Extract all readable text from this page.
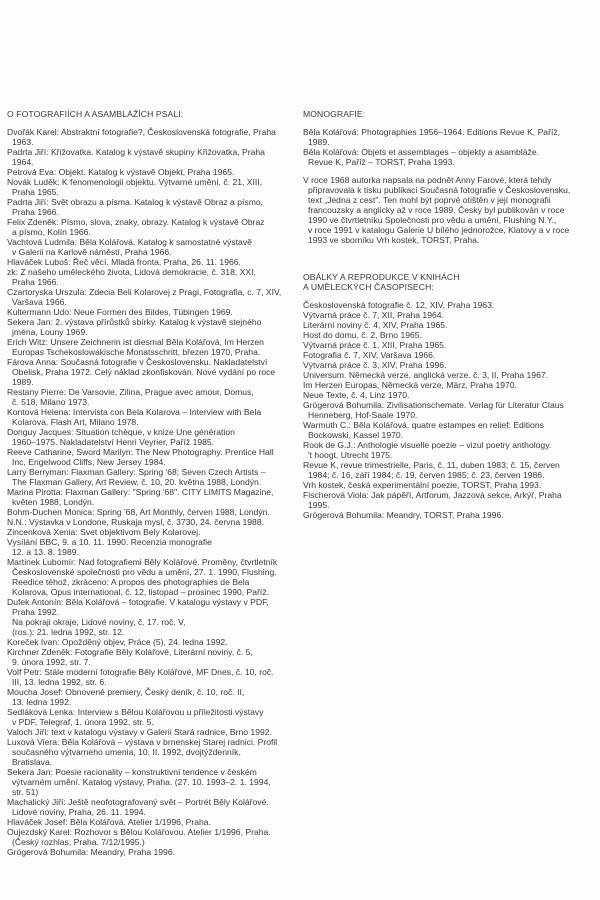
O FOTOGRAFIÍCH A ASAMBLÁŽÍCH PSALI:
Dvořák Karel: Abstraktní fotografie?, Československá fotografie, Praha
1963.
Padrta Jiří: Křižovatka. Katalog k výstavě skupiny Křižovatka, Praha
1964.
Petrová Eva: Objekt. Katalog k výstavě Objekt, Praha 1965.
Novák Luděk: K fenomenologii objektu. Výtvarné umění, č. 21, XIII,
Praha 1965.
Padrta Jiří: Svět obrazu a písma. Katalog k výstavě Obraz a písmo,
Praha 1966.
Felix Zdeněk: Písmo, slova, znaky, obrazy. Katalog k výstavě Obraz
a písmo, Kolín 1966.
Vachtová Ludmila: Běla Kolářová. Katalog k samostatné výstavě
v Galerii na Karlově náměstí, Praha 1966.
Hlaváček Luboš: Řeč věcí. Mladá fronta, Praha, 26. 11. 1966.
zk: Z našeho uměleckého života, Lidová demokracie, č. 318, XXI,
Praha 1966.
Czartoryska Urszula: Zdecia Beli Kolarovej z Pragi, Fotografia, c. 7, XIV,
Varšava 1966.
Kultermann Udo: Neue Formen des Bildes, Tübingen 1969.
Sekera Jan: 2. výstava přírůstků sbírky. Katalog k výstavě stejného
jména, Louny 1969.
Erich Witz: Unsere Zeichnerin ist diesmal Běla Kolářová, Im Herzen
Europas Tschekoslowakische Monatsschritt, březen 1970, Praha.
Fárova Anna: Současná fotografie v Československu. Nakladatelství
Obelisk, Praha 1972. Celý náklad zkonfiskován. Nové vydání po roce
1989.
Restany Pierre: De Varsovie, Zilina, Prague avec amour, Domus,
č. 518, Milano 1973.
Kontová Helena: Intervista con Bela Kolarova – Interview with Bela
Kolarova. Flash Art, Milano 1978.
Donguy Jacques: Situation tchèque, v knize Une génération
1960–1975. Nakladatelství Henri Veyrier, Paříž 1985.
Reeve Catharine, Sword Marilyn: The New Photography. Prentice Hall
Inc, Engelwood Cliffs, New Jersey 1984.
Larry Berryman: Flaxman Gallery: Spring '68; Seven Czech Artists –
The Flaxman Gallery, Art Review, č. 10, 20. května 1988, Londýn.
Marina Pirotta: Flaxman Gallery: "Spring '68". CITY LIMITS Magazine,
květen 1988, Londýn.
Bohm-Duchen Monica: Spring '68, Art Monthly, červen 1988, Londýn.
N.N.: Výstavka v Londone, Ruskaja mysl, č. 3730, 24. června 1988.
Zincenková Xenia: Svet objektivom Bely Kolarovej.
Vysílání BBC, 9. a 10. 11. 1990. Recenzia monografie
12. a 13. 8. 1989.
Martinek Lubomír: Nad fotografiemi Běly Kolářové. Proměny, čtvrtletník
Československé společnosti pro vědu a umění, 27. 1. 1990, Flushing.
Reedice téhož, zkráceno: A propos des photographies de Bela
Kolarova, Opus international, č. 12, listopad – prosinec 1990, Paříž.
Dufek Antonín: Běla Kolářová – fotografie. V katalogu výstavy v PDF,
Praha 1992.
Na pokraji okraje, Lidové noviny, č. 17. roč. V,
(ros.): 21. ledna 1992, str. 12.
Koreček Ivan: Opožděný objev, Práce (5), 24. ledna 1992.
Kirchner Zdeněk: Fotografie Běly Kolářové, Literární noviny, č. 5,
9. února 1992, str. 7.
Volf Petr: Stále moderní fotografie Běly Kolářové, MF Dnes, č. 10, roč.
III, 13. ledna 1992, str. 6.
Moucha Josef: Obnovené premiery, Český deník, č. 10, roč. II,
13. ledna 1992.
Sedláková Lenka: Interview s Bělou Kolářovou u příležitosti výstavy
v PDF, Telegraf, 1. února 1992, str. 5.
Valoch Jiří: text v katalogu výstavy v Galerii Stará radnice, Brno 1992.
Luxová Viera: Běla Kolářová – výstava v brnenskej Starej radnici. Profil
současného výtvarneho umenia, 10. II. 1992, dvojtýždenník,
Bratislava.
Sekera Jan: Poesie racionality – konstruktivní tendence v českém
výtvarném umění. Katalog výstavy, Praha. (27. 10. 1993–2. 1. 1994,
str. 51)
Machalický Jiří: Ještě neofotografovaný svět – Portrét Běly Kolářové.
Lidové noviny, Praha, 26. 11. 1994.
Hlaváček Josef: Běla Kolářová. Atelier 1/1996, Praha.
Oujezdský Karel: Rozhovor s Bělou Kolářovou. Atelier 1/1996, Praha.
(Český rozhlas, Praha. 7/12/1995.)
Grögerová Bohumila: Meandry, Praha 1996.
MONOGRAFIE:
Běla Kolářová: Photographies 1956–1964. Editions Revue K, Paříž,
1989.
Běla Kolářová: Objets et assemblages – objekty a asambláže.
Revue K, Paříž – TORST, Praha 1993.
V roce 1968 autorka napsala na podnět Anny Farové, která tehdy
připravovala k tisku publikaci Současná fotografie v Československu,
text „Jedna z cest". Ten mohl být poprvé otištěn v její monografii
francouzsky a anglicky až v roce 1989. Česky byl publikován v roce
1990 ve čtvrtletníku Společnosti pro vědu a umění, Flushing N.Y.,
v roce 1991 v katalogu Galerie U bílého jednorožce, Klatovy a v roce
1993 ve sborníku Vrh kostek, TORST, Praha.
OBÁLKY A REPRODUKCE V KNIHÁCH
A UMĚLECKÝCH ČASOPISECH:
Československá fotografie č. 12, XIV, Praha 1963.
Výtvarná práce č. 7, XII, Praha 1964.
Literární noviny č. 4, XIV, Praha 1965.
Host do domu, č. 2, Brno 1965.
Výtvarná práce č. 1, XIII, Praha 1965.
Fotografia č. 7, XIV, Varšava 1966.
Výtvarná práce č. 3, XIV, Praha 1996.
Universum. Německá verze, anglická verze. č. 3, II, Praha 1967.
Im Herzen Europas, Německá verze, März, Praha 1970.
Neue Texte, č. 4, Linz 1970.
Grögerová Bohumila: Zivilisationschemate. Verlag für Literatur Claus
Henneberg, Hof-Saale 1970.
Warmuth C.: Běla Kolářová, quatre estampes en relief: Editions
Bockowski, Kassel 1970.
Rook de G.J.: Anthologie visuelle poezie – vizul poetry anthology.
't hoogt, Utrecht 1975.
Revue K, revue trimestrielle, Paris, č. 11, duben 1983; č. 15, červen
1984; č. 16, září 1984; č. 19, červen 1985; č. 23, červen 1986.
Vrh kostek, česká experimentální poezie, TORST, Praha 1993.
Fischerová Viola: Jak pápěří, Artforum, Jazzová sekce, Arkýř, Praha
1995.
Grögerová Bohumila: Meandry, TORST, Praha 1996.
